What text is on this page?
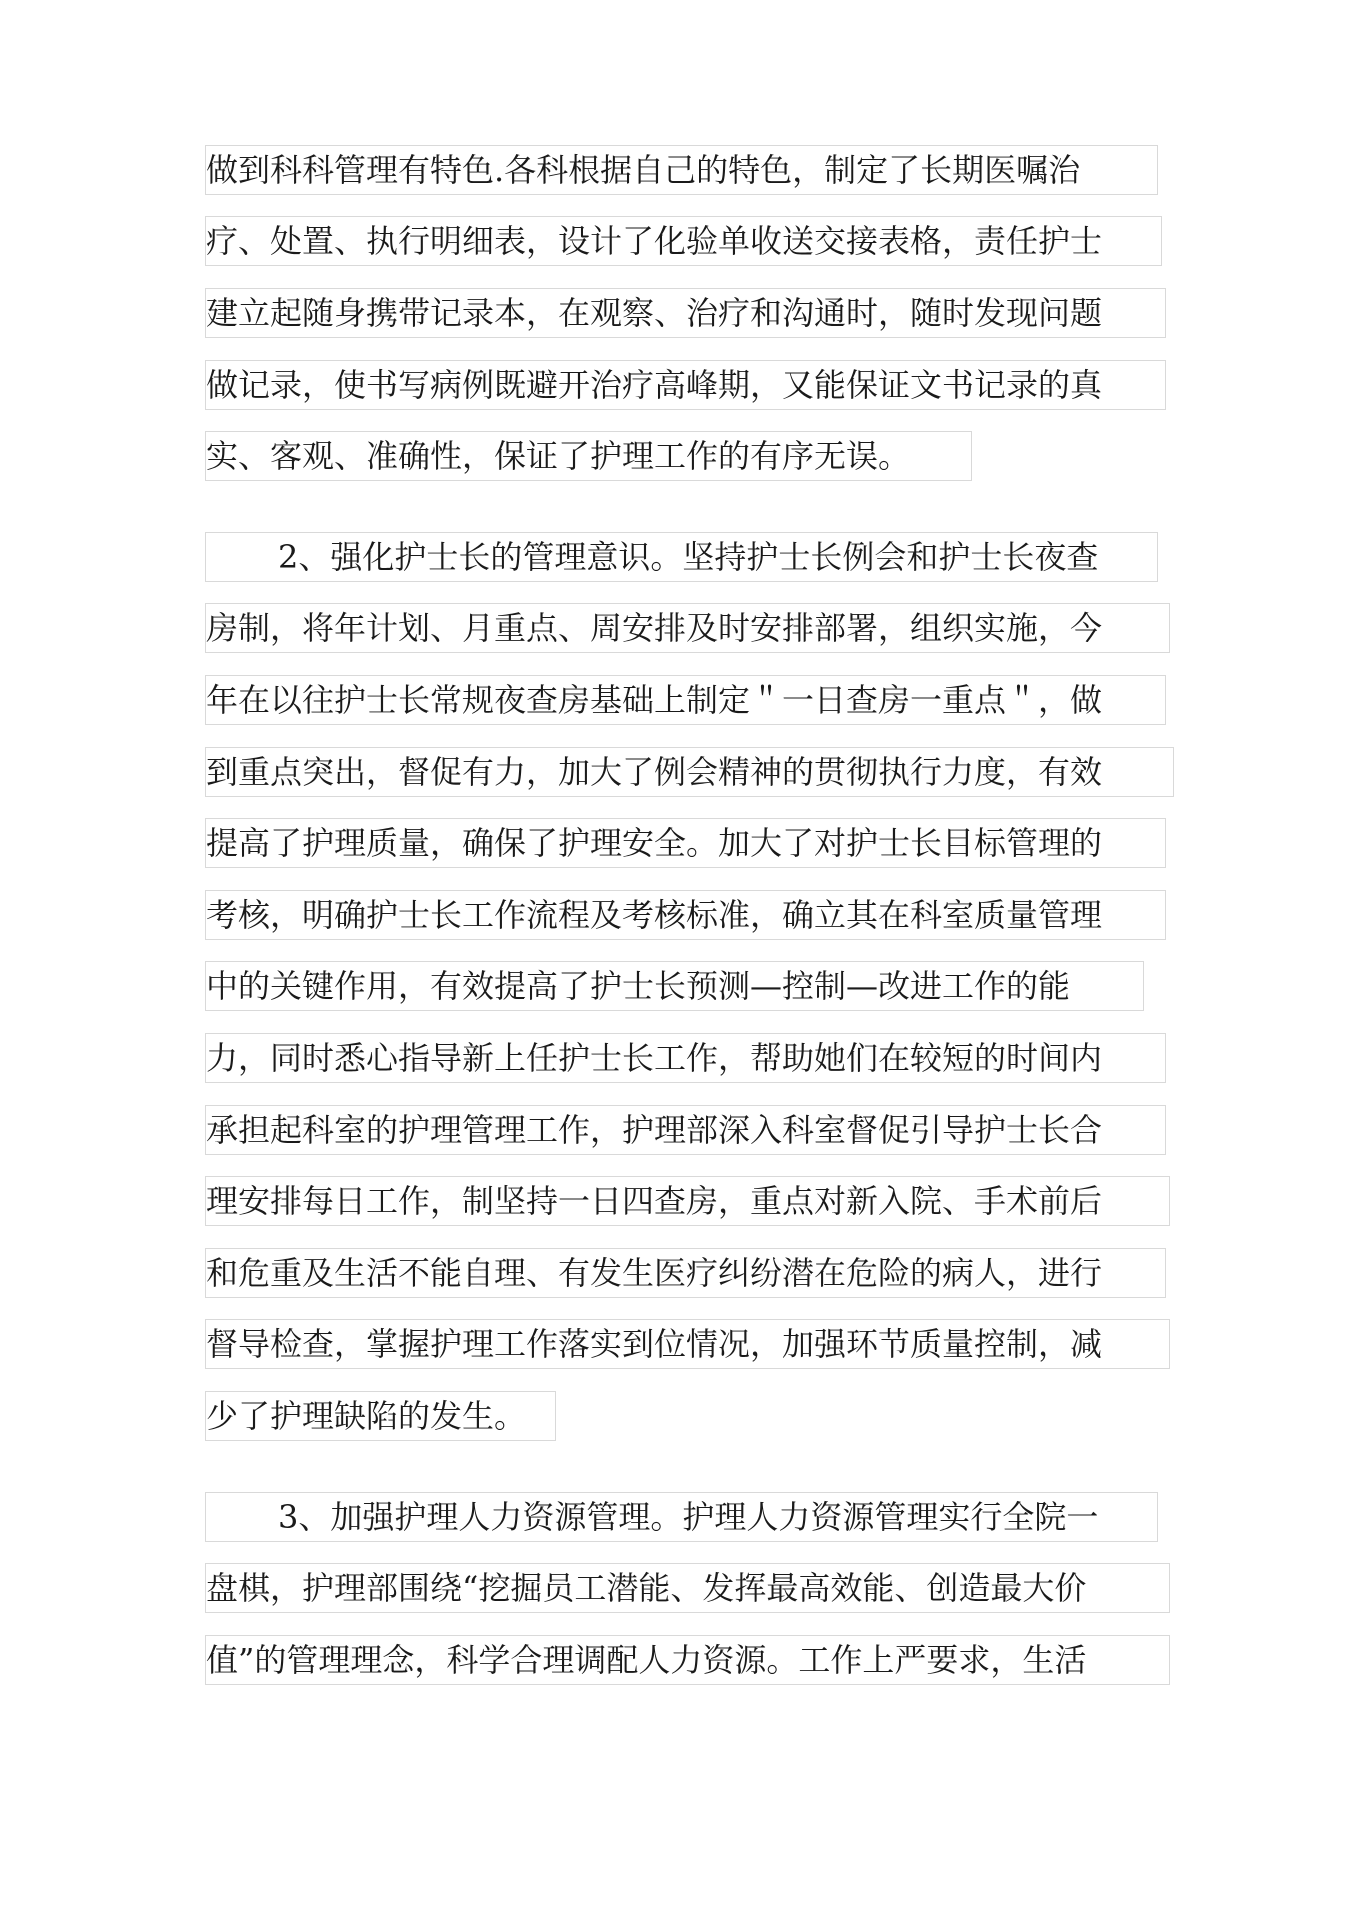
做到科科管理有特色.各科根据自己的特色，制定了长期医嘱治
疗、处置、执行明细表，设计了化验单收送交接表格，责任护士
建立起随身携带记录本，在观察、治疗和沟通时，随时发现问题
做记录，使书写病例既避开治疗高峰期，又能保证文书记录的真
实、客观、准确性，保证了护理工作的有序无误。
2、强化护士长的管理意识。坚持护士长例会和护士长夜查
房制，将年计划、月重点、周安排及时安排部署，组织实施，今
年在以往护士长常规夜查房基础上制定＂一日查房一重点＂，做
到重点突出，督促有力，加大了例会精神的贯彻执行力度，有效
提高了护理质量，确保了护理安全。加大了对护士长目标管理的
考核，明确护士长工作流程及考核标准，确立其在科室质量管理
中的关键作用，有效提高了护士长预测—控制—改进工作的能
力，同时悉心指导新上任护士长工作，帮助她们在较短的时间内
承担起科室的护理管理工作，护理部深入科室督促引导护士长合
理安排每日工作，制坚持一日四查房，重点对新入院、手术前后
和危重及生活不能自理、有发生医疗纠纷潜在危险的病人，进行
督导检查，掌握护理工作落实到位情况，加强环节质量控制，减
少了护理缺陷的发生。
3、加强护理人力资源管理。护理人力资源管理实行全院一
盘棋，护理部围绕“挖掘员工潜能、发挥最高效能、创造最大价
值”的管理理念，科学合理调配人力资源。工作上严要求，生活
